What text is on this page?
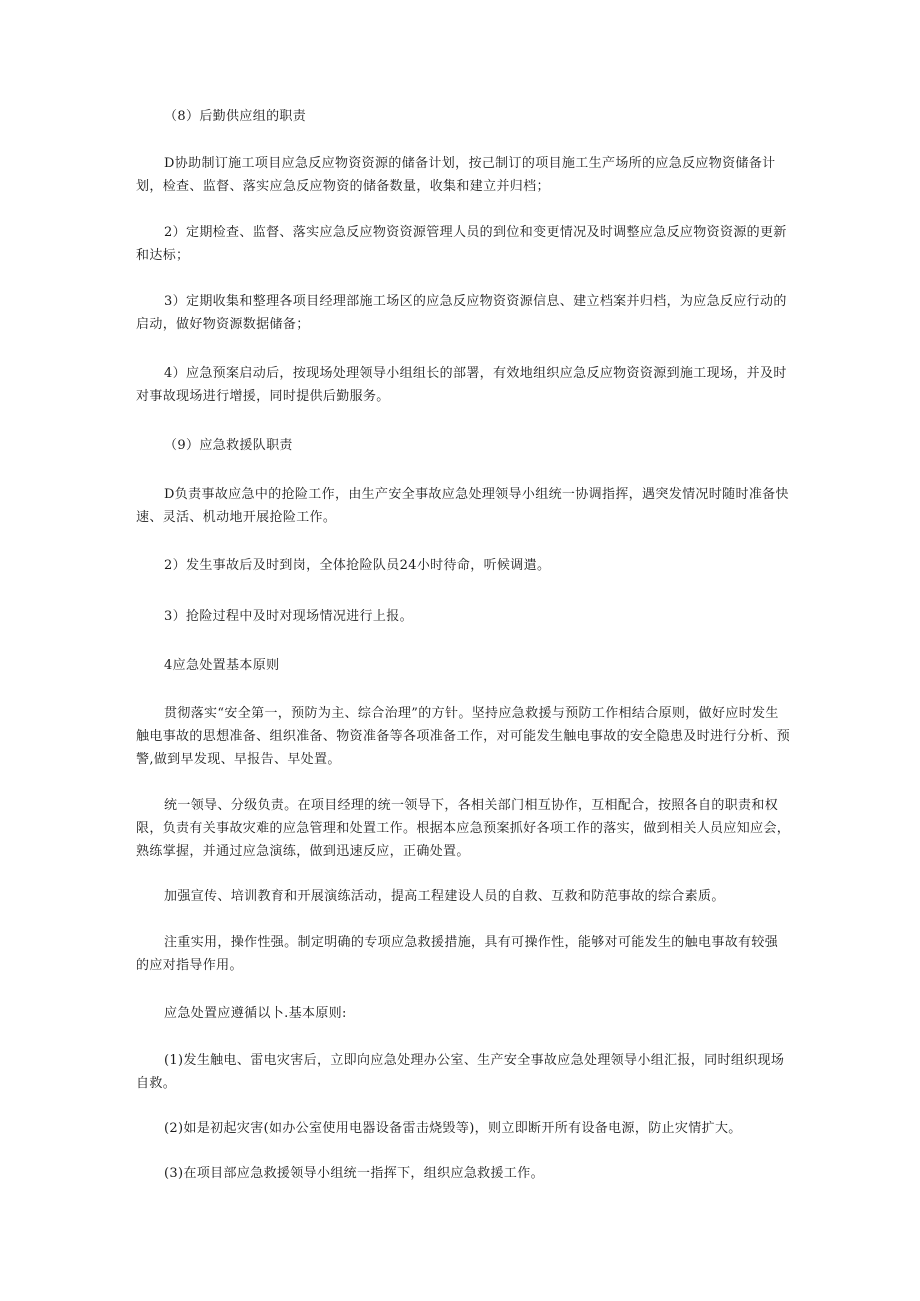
（8）后勤供应组的职责

D协助制订施工项目应急反应物资资源的储备计划，按己制订的项目施工生产场所的应急反应物资储备计划，检查、监督、落实应急反应物资的储备数量，收集和建立并归档；

2）定期检查、监督、落实应急反应物资资源管理人员的到位和变更情况及时调整应急反应物资资源的更新和达标；

3）定期收集和整理各项目经理部施工场区的应急反应物资资源信息、建立档案并归档，为应急反应行动的启动，做好物资源数据储备；

4）应急预案启动后，按现场处理领导小组组长的部署，有效地组织应急反应物资资源到施工现场，并及时对事故现场进行增援，同时提供后勤服务。

（9）应急救援队职责

D负责事故应急中的抢险工作，由生产安全事故应急处理领导小组统一协调指挥，遇突发情况时随时准备快速、灵活、机动地开展抢险工作。

2）发生事故后及时到岗，全体抢险队员24小时待命，听候调遣。

3）抢险过程中及时对现场情况进行上报。

4应急处置基本原则

贯彻落实“安全第一，预防为主、综合治理”的方针。坚持应急救援与预防工作相结合原则，做好应时发生触电事故的思想准备、组织准备、物资准备等各项准备工作，对可能发生触电事故的安全隐患及时进行分析、预警,做到早发现、早报告、早处置。

统一领导、分级负责。在项目经理的统一领导下，各相关部门相互协作，互相配合，按照各自的职责和权限，负责有关事故灾难的应急管理和处置工作。根据本应急预案抓好各项工作的落实，做到相关人员应知应会，熟练掌握，并通过应急演练，做到迅速反应，正确处置。

加强宣传、培训教育和开展演练活动，提高工程建设人员的自救、互救和防范事故的综合素质。

注重实用，操作性强。制定明确的专项应急救援措施，具有可操作性，能够对可能发生的触电事故有较强的应对指导作用。

应急处置应遵循以卜.基本原则:

(1)发生触电、雷电灾害后，立即向应急处理办公室、生产安全事故应急处理领导小组汇报，同时组织现场自救。

(2)如是初起灾害(如办公室使用电器设备雷击烧毁等)，则立即断开所有设备电源，防止灾情扩大。

(3)在项目部应急救援领导小组统一指挥下，组织应急救援工作。
